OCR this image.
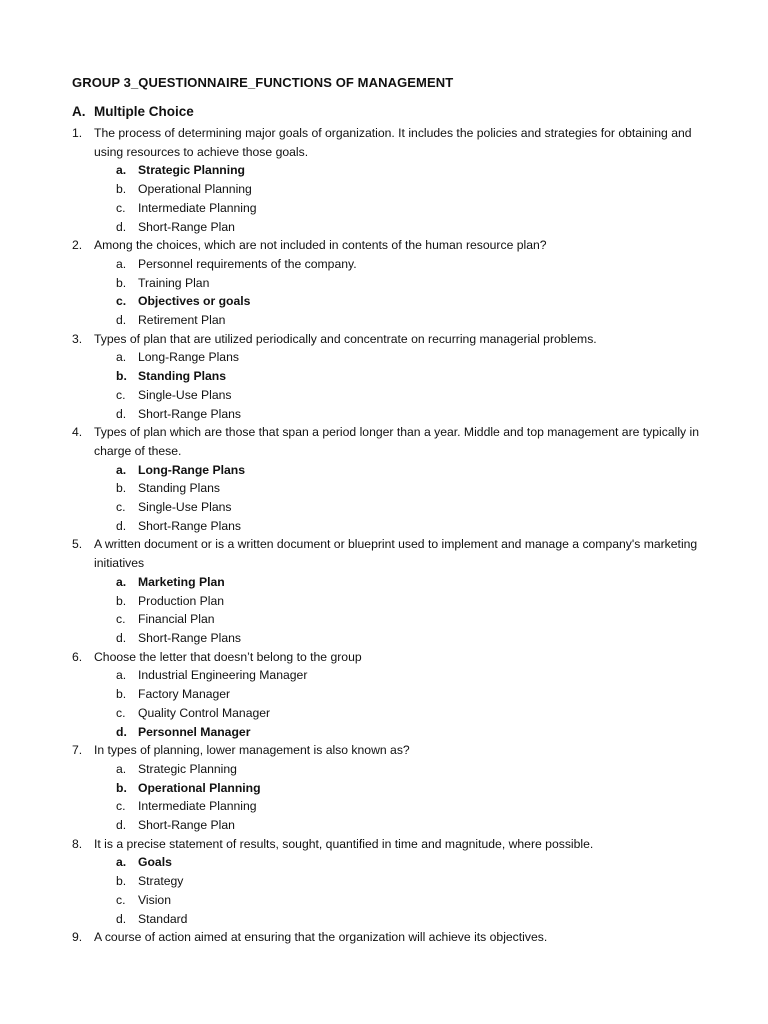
GROUP 3_QUESTIONNAIRE_FUNCTIONS OF MANAGEMENT
A. Multiple Choice
1. The process of determining major goals of organization. It includes the policies and strategies for obtaining and using resources to achieve those goals.
a. Strategic Planning
b. Operational Planning
c.	Intermediate Planning
d. Short-Range Plan
2. Among the choices, which are not included in contents of the human resource plan?
a. Personnel requirements of the company.
b. Training Plan
c. Objectives or goals
d. Retirement Plan
3. Types of plan that are utilized periodically and concentrate on recurring managerial problems.
a. Long-Range Plans
b. Standing Plans
c.	Single-Use Plans
d. Short-Range Plans
4. Types of plan which are those that span a period longer than a year. Middle and top management are typically in charge of these.
a. Long-Range Plans
b. Standing Plans
c.	Single-Use Plans
d. Short-Range Plans
5. A written document or is a written document or blueprint used to implement and manage a company's marketing initiatives
a. Marketing Plan
b. Production Plan
c.	Financial Plan
d. Short-Range Plans
6. Choose the letter that doesn’t belong to the group
a. Industrial Engineering Manager
b. Factory Manager
c.	Quality Control Manager
d. Personnel Manager
7. In types of planning, lower management is also known as?
a. Strategic Planning
b. Operational Planning
c.	Intermediate Planning
d. Short-Range Plan
8. It is a precise statement of results, sought, quantified in time and magnitude, where possible.
a. Goals
b. Strategy
c.	Vision
d. Standard
9. A course of action aimed at ensuring that the organization will achieve its objectives.
